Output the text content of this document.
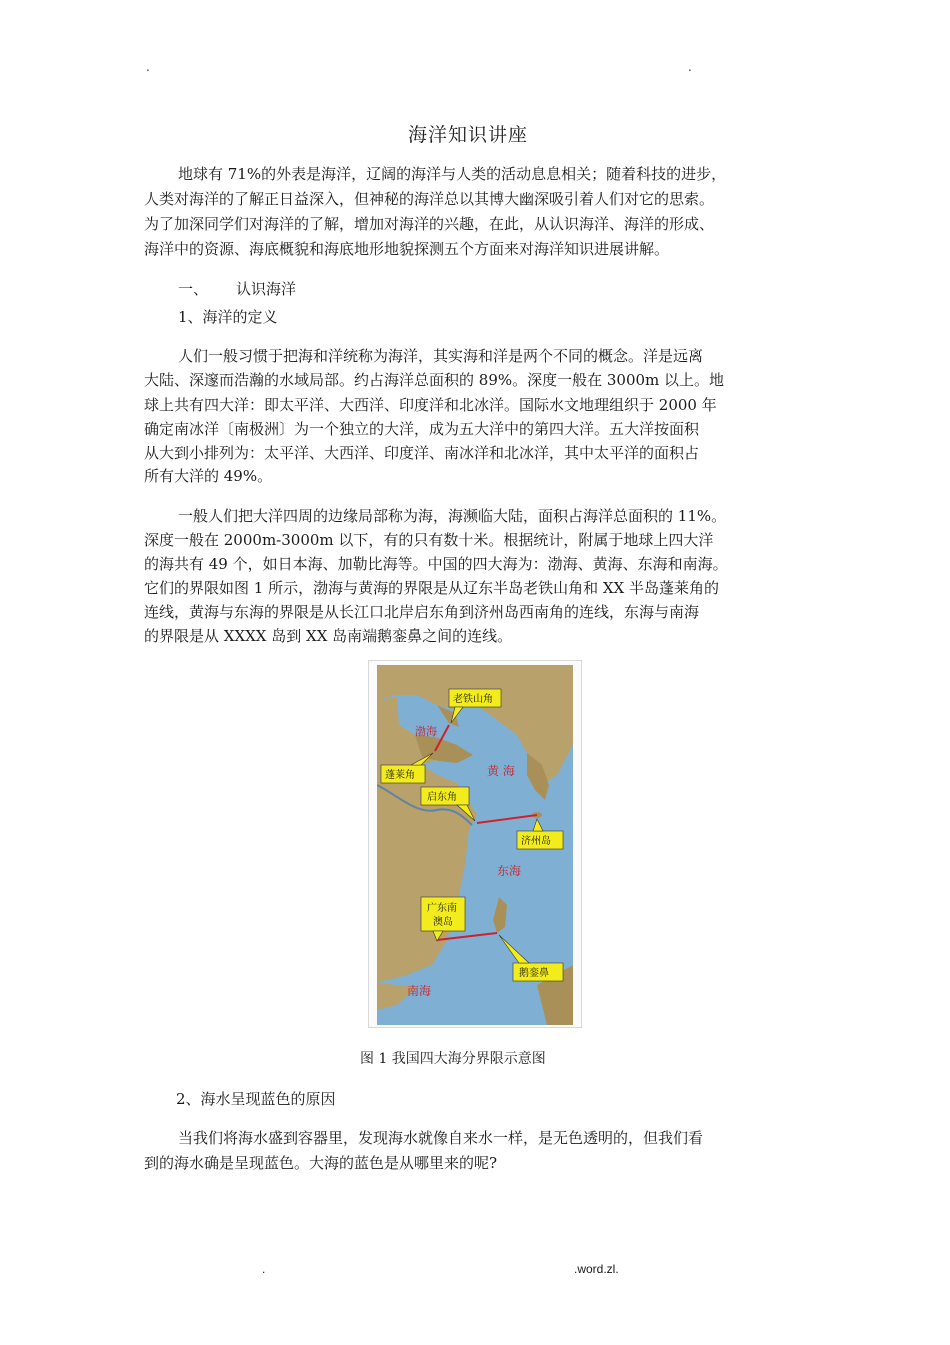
.	.
海洋知识讲座
地球有 71%的外表是海洋，辽阔的海洋与人类的活动息息相关；随着科技的进步，
人类对海洋的了解正日益深入，但神秘的海洋总以其博大幽深吸引着人们对它的思索。
为了加深同学们对海洋的了解，增加对海洋的兴趣，在此，从认识海洋、海洋的形成、
海洋中的资源、海底概貌和海底地形地貌探测五个方面来对海洋知识进展讲解。
一、 认识海洋
1、海洋的定义
人们一般习惯于把海和洋统称为海洋，其实海和洋是两个不同的概念。洋是远离
大陆、深邃而浩瀚的水域局部。约占海洋总面积的 89%。深度一般在 3000m 以上。地
球上共有四大洋：即太平洋、大西洋、印度洋和北冰洋。国际水文地理组织于 2000 年
确定南冰洋〔南极洲〕为一个独立的大洋，成为五大洋中的第四大洋。五大洋按面积
从大到小排列为：太平洋、大西洋、印度洋、南冰洋和北冰洋，其中太平洋的面积占
所有大洋的 49%。
一般人们把大洋四周的边缘局部称为海，海濒临大陆，面积占海洋总面积的 11%。
深度一般在 2000m-3000m 以下，有的只有数十米。根据统计，附属于地球上四大洋
的海共有 49 个，如日本海、加勒比海等。中国的四大海为：渤海、黄海、东海和南海。
它们的界限如图 1 所示，渤海与黄海的界限是从辽东半岛老铁山角和 XX 半岛蓬莱角的
连线，黄海与东海的界限是从长江口北岸启东角到济州岛西南角的连线，东海与南海
的界限是从 XXXX 岛到 XX 岛南端鹅銮鼻之间的连线。
渤海
黄 海
东海
南海
老铁山角
蓬莱角
启东角
济州岛
广东南
澳岛
鹅銮鼻
图 1 我国四大海分界限示意图
2、海水呈现蓝色的原因
当我们将海水盛到容器里，发现海水就像自来水一样，是无色透明的，但我们看
到的海水确是呈现蓝色。大海的蓝色是从哪里来的呢?
.	.word.zl.
